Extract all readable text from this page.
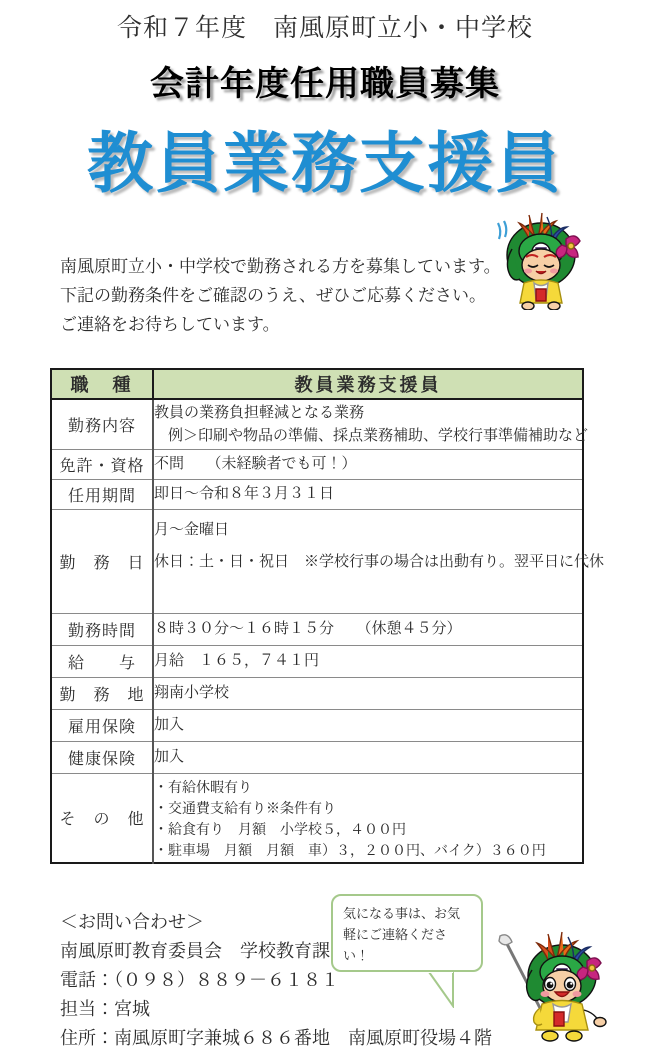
令和７年度　南風原町立小・中学校
会計年度任用職員募集
教員業務支援員
南風原町立小・中学校で勤務される方を募集しています。
下記の勤務条件をご確認のうえ、ぜひご応募ください。
ご連絡をお待ちしています。
職　種	教員業務支援員
勤務内容	教員の業務負担軽減となる業務
例＞印刷や物品の準備、採点業務補助、学校行事準備補助など

免許・資格	不問　　（未経験者でも可！）

任用期間	即日～令和８年３月３１日

勤　務　日	月～金曜日
休日：土・日・祝日　※学校行事の場合は出動有り。翌平日に代休

勤務時間	８時３０分～１６時１５分　　（休憩４５分）

給　　与	月給　１６５，７４１円

勤　務　地	翔南小学校

雇用保険	加入

健康保険	加入

そ　の　他	・有給休暇有り
・交通費支給有り※条件有り
・給食有り　月額　小学校５，４００円
・駐車場　月額　月額　車）３，２００円、バイク）３６０円
気になる事は、お気
軽にご連絡くださ
い！
＜お問い合わせ＞
南風原町教育委員会　学校教育課
電話：（０９８）８８９－６１８１
担当：宮城
住所：南風原町字兼城６８６番地　南風原町役場４階
